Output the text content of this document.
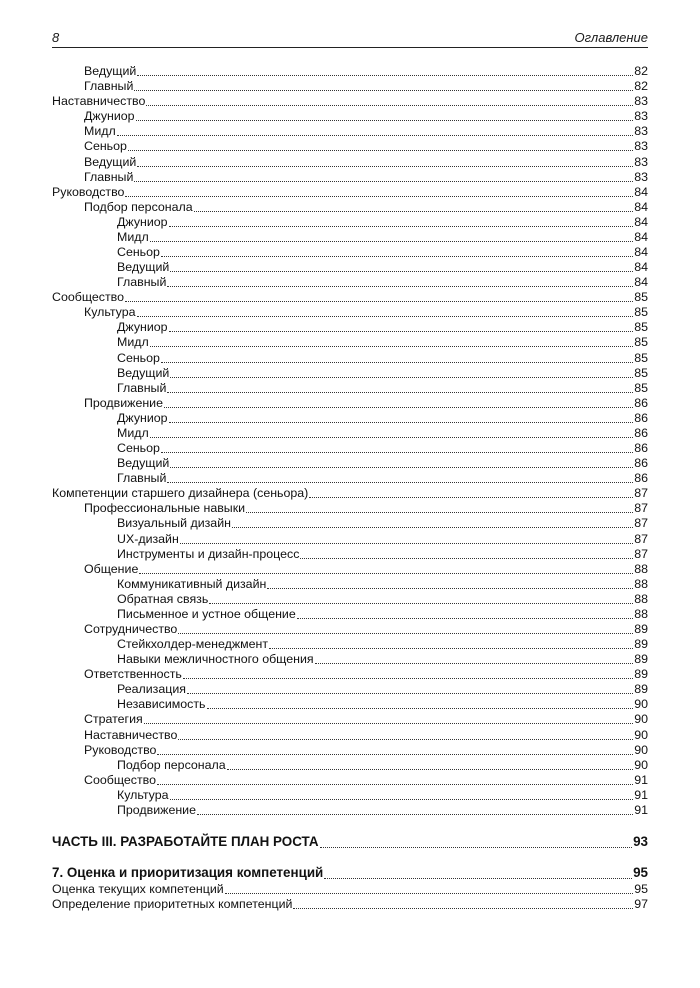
8	Оглавление
Ведущий	82
Главный	82
Наставничество	83
Джуниор	83
Мидл	83
Сеньор	83
Ведущий	83
Главный	83
Руководство	84
Подбор персонала	84
Джуниор	84
Мидл	84
Сеньор	84
Ведущий	84
Главный	84
Сообщество	85
Культура	85
Джуниор	85
Мидл	85
Сеньор	85
Ведущий	85
Главный	85
Продвижение	86
Джуниор	86
Мидл	86
Сеньор	86
Ведущий	86
Главный	86
Компетенции старшего дизайнера (сеньора)	87
Профессиональные навыки	87
Визуальный дизайн	87
UX-дизайн	87
Инструменты и дизайн-процесс	87
Общение	88
Коммуникативный дизайн	88
Обратная связь	88
Письменное и устное общение	88
Сотрудничество	89
Стейкхолдер-менеджмент	89
Навыки межличностного общения	89
Ответственность	89
Реализация	89
Независимость	90
Стратегия	90
Наставничество	90
Руководство	90
Подбор персонала	90
Сообщество	91
Культура	91
Продвижение	91
ЧАСТЬ III. РАЗРАБОТАЙТЕ ПЛАН РОСТА	93
7. Оценка и приоритизация компетенций	95
Оценка текущих компетенций	95
Определение приоритетных компетенций	97
